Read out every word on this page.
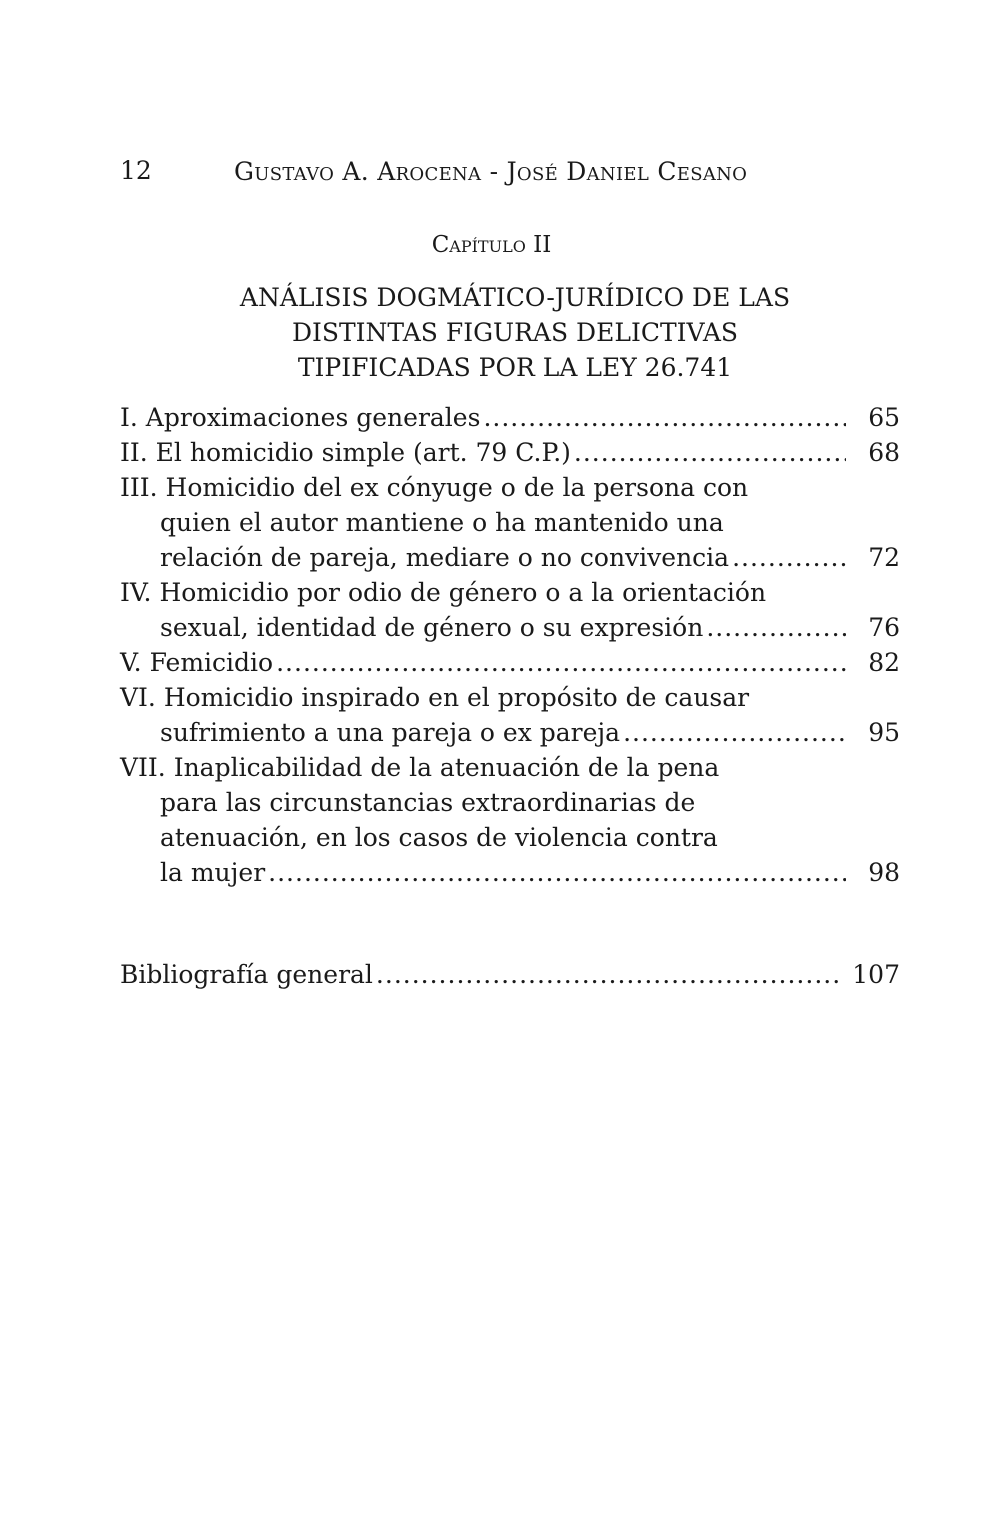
12	Gustavo A. Arocena - José Daniel Cesano
Capítulo II
ANÁLISIS DOGMÁTICO-JURÍDICO DE LAS
DISTINTAS FIGURAS DELICTIVAS
TIPIFICADAS POR LA LEY 26.741
I. Aproximaciones generales .....	65
II. El homicidio simple (art. 79 C.P.) .....	68
III. Homicidio del ex cónyuge o de la persona con
quien el autor mantiene o ha mantenido una
relación de pareja, mediare o no convivencia .....	72
IV. Homicidio por odio de género o a la orientación
sexual, identidad de género o su expresión .....	76
V. Femicidio .....	82
VI. Homicidio inspirado en el propósito de causar
sufrimiento a una pareja o ex pareja .....	95
VII. Inaplicabilidad de la atenuación de la pena
para las circunstancias extraordinarias de
atenuación, en los casos de violencia contra
la mujer .....	98
Bibliografía general .....	107
